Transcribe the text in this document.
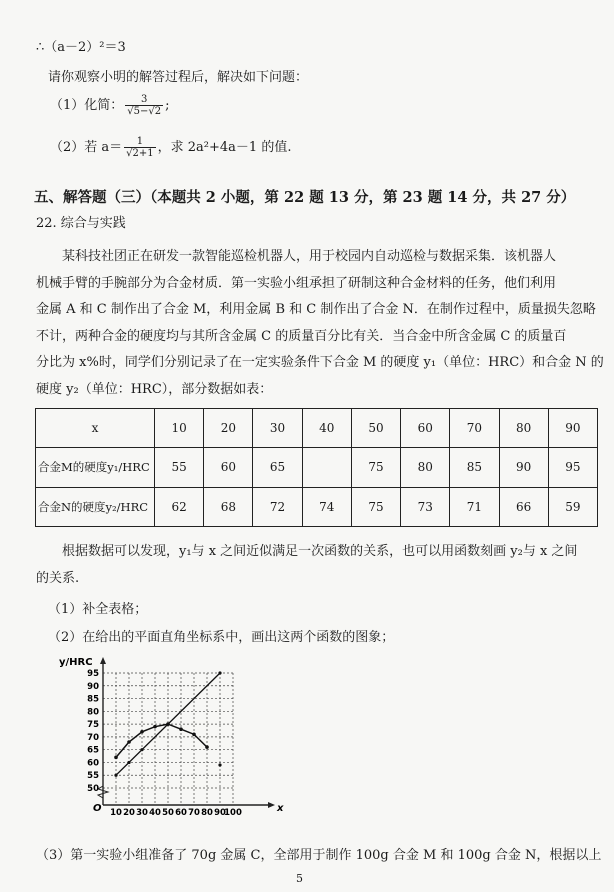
∴（a－2）²＝3
请你观察小明的解答过程后，解决如下问题：
（1）化简： $\frac{3}{√5-√2}$ ;
（2）若 $a= \frac{1}{√2+1}$ ，求 2a²+4a－1 的值.
五、解答题（三）（本题共 2 小题，第 22 题 13 分，第 23 题 14 分，共 27 分）
22. 综合与实践
　　某科技社团正在研发一款智能巡检机器人，用于校园内自动巡检与数据采集．该机器人
机械手臂的手腕部分为合金材质．第一实验小组承担了研制这种合金材料的任务，他们利用
金属 A 和 C 制作出了合金 M，利用金属 B 和 C 制作出了合金 N．在制作过程中，质量损失忽略
不计，两种合金的硬度均与其所含金属 C 的质量百分比有关．当合金中所含金属 C 的质量百
分比为 x%时，同学们分别记录了在一定实验条件下合金 M 的硬度 y₁（单位：HRC）和合金 N 的
硬度 y₂（单位：HRC），部分数据如表：
x	10	20	30	40	50	60	70	80	90
合金M的硬度y₁/HRC	55	60	65		75	80	85	90	95
合金N的硬度y₂/HRC	62	68	72	74	75	73	71	66	59
　　根据数据可以发现，y₁与 x 之间近似满足一次函数的关系，也可以用函数刻画 y₂与 x 之间
的关系.
（1）补全表格；
（2）在给出的平面直角坐标系中，画出这两个函数的图象；
y/HRC
x
O 10 20 30 40 50 60 70 80 90
100
95
90
85
80
75
70
65
60
55
50
（3）第一实验小组准备了 70g 金属 C，全部用于制作 100g 合金 M 和 100g 合金 N，根据以上
5
